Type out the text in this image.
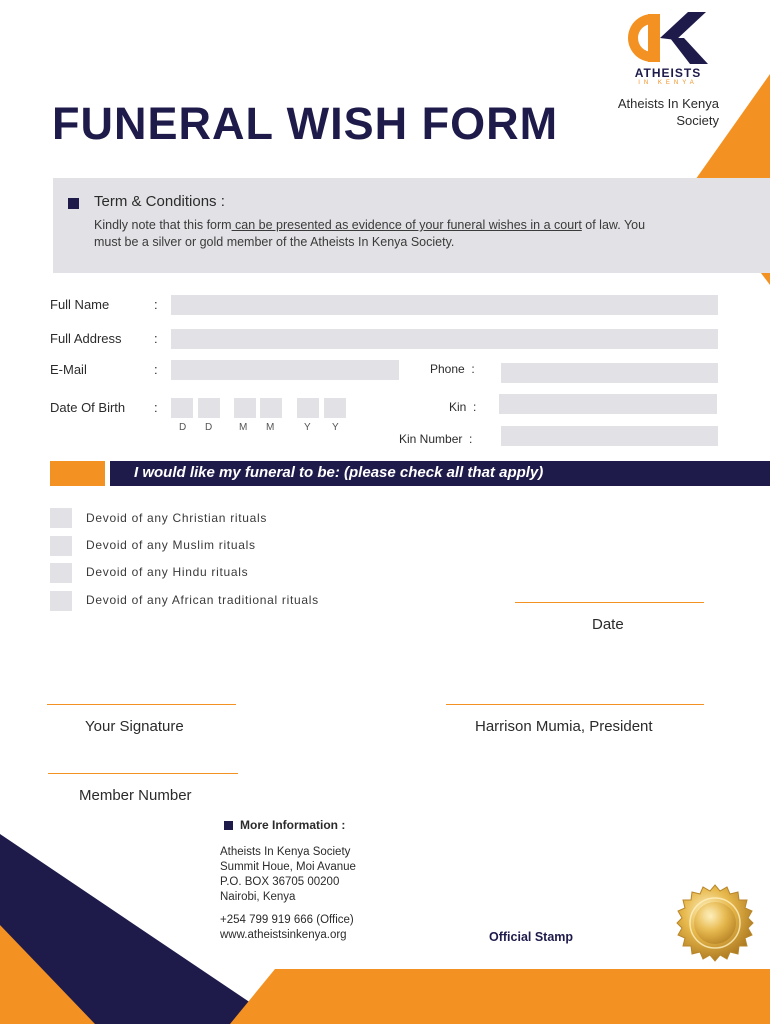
ATHEISTS
IN KENYA
Atheists In Kenya
Society
FUNERAL WISH FORM
Term & Conditions :
Kindly note that this form can be presented as evidence of your funeral wishes in a court of law. You must be a silver or gold member of the Atheists In Kenya Society.
Full Name	:
Full Address :
E-Mail	:	Phone :
Date Of Birth :
D D	M M	Y Y
Kin :
Kin Number :
I would like my funeral to be: (please check all that apply)
Devoid of any Christian rituals
Devoid of any Muslim rituals
Devoid of any Hindu rituals
Devoid of any African traditional rituals
Date
Your Signature	Harrison Mumia, President
Member Number
More Information :
Atheists In Kenya Society
Summit Houe, Moi Avanue
P.O. BOX 36705 00200
Nairobi, Kenya
+254 799 919 666 (Office)
www.atheistsinkenya.org	Official Stamp
